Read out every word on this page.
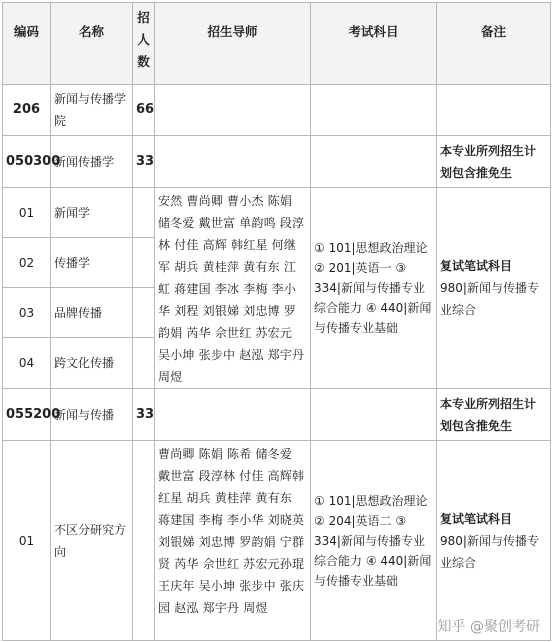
编码	名称	招人数	招生导师	考试科目	备注
206	新闻与传播学院	66			
050300	新闻传播学	33			本专业所列招生计划包含推免生
01	新闻学		安然 曹尚卿 曹小杰 陈娟 储冬爱 戴世富 单韵鸣 段淳林 付佳 高辉 韩红星 何继军 胡兵 黄桂萍 黄有东 江虹 蒋建国 李冰 李梅 李小华 刘程 刘银娣 刘忠博 罗韵娟 芮华 佘世红 苏宏元 吴小坤 张步中 赵泓 郑宇丹周煜	① 101|思想政治理论 ② 201|英语一 ③ 334|新闻与传播专业综合能力 ④ 440|新闻与传播专业基础	复试笔试科目
980|新闻与传播专业综合

02	传播学				
03	品牌传播				
04	跨文化传播				
055200	新闻与传播	33			本专业所列招生计划包含推免生
01	不区分研究方向		曹尚卿 陈娟 陈希 储冬爱 戴世富 段淳林 付佳 高辉韩红星 胡兵 黄桂萍 黄有东 蒋建国 李梅 李小华 刘晓英 刘银娣 刘忠博 罗韵娟 宁群贤 芮华 佘世红 苏宏元孙琨 王庆年 吴小坤 张步中 张庆园 赵泓 郑宇丹 周煜	① 101|思想政治理论 ② 204|英语二 ③ 334|新闻与传播专业综合能力 ④ 440|新闻与传播专业基础	复试笔试科目
980|新闻与传播专业综合
知乎 @聚创考研
